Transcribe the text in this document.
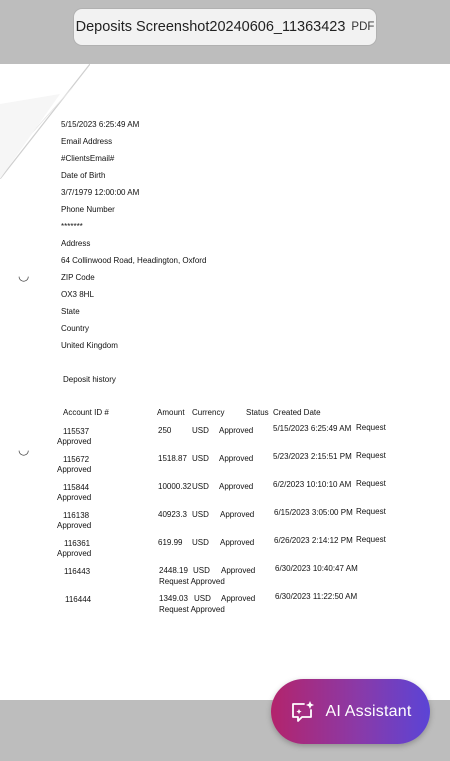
Deposits Screenshot20240606_11363423 PDF
◡
◡
5/15/2023 6:25:49 AM
Email Address
#ClientsEmail#
Date of Birth
3/7/1979 12:00:00 AM
Phone Number
*******
Address
64 Collinwood Road, Headington, Oxford
ZIP Code
OX3 8HL
State
Country
United Kingdom
Deposit history
Account ID #	Amount Currency	Status Created Date
115537	250	USD Approved 5/15/2023 6:25:49 AM Request
Approved
115672	1518.87 USD Approved 5/23/2023 2:15:51 PM Request
Approved
115844	10000.32 USD Approved 6/2/2023 10:10:10 AM Request
Approved
116138	40923.3 USD Approved 6/15/2023 3:05:00 PM Request
Approved
116361	619.99 USD Approved 6/26/2023 2:14:12 PM Request
Approved
116443	2448.19 USD Approved 6/30/2023 10:40:47 AM
Request Approved
116444	1349.03 USD Approved 6/30/2023 11:22:50 AM
Request Approved
AI Assistant
